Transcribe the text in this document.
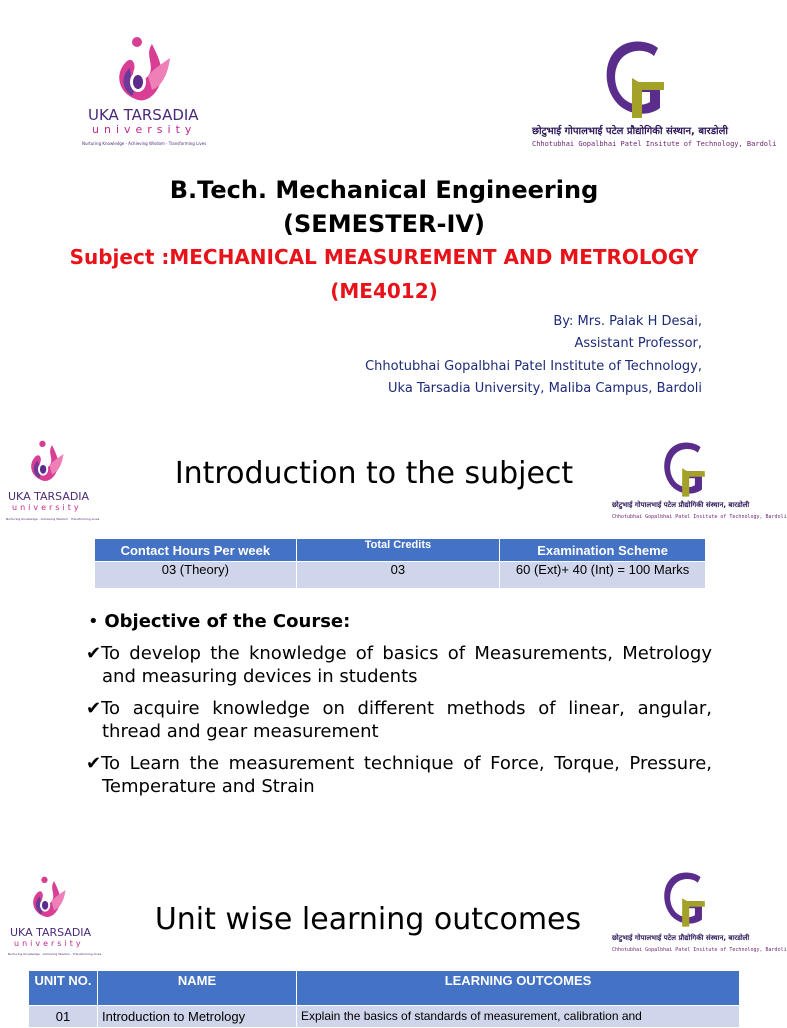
UKA TARSADIA
university
Nurturing Knowledge · Achieving Wisdom · Transforming Lives
छोटुभाई गोपालभाई पटेल प्रौद्योगिकी संस्थान, बारडोली
Chhotubhai Gopalbhai Patel Insitute of Technology, Bardoli
B.Tech. Mechanical Engineering
(SEMESTER-IV)
Subject :MECHANICAL MEASUREMENT AND METROLOGY
(ME4012)
By: Mrs. Palak H Desai,
Assistant Professor,
Chhotubhai Gopalbhai Patel Institute of Technology,
Uka Tarsadia University, Maliba Campus, Bardoli
UKA TARSADIA
university
Nurturing Knowledge · Achieving Wisdom · Transforming Lives
छोटुभाई गोपालभाई पटेल प्रौद्योगिकी संस्थान, बारडोली
Chhotubhai Gopalbhai Patel Insitute of Technology, Bardoli
Introduction to the subject
Contact Hours Per week	Total Credits	Examination Scheme
03 (Theory)	03	60 (Ext)+ 40 (Int) = 100 Marks
• Objective of the Course:
✔To develop the knowledge of basics of Measurements, Metrology and measuring devices in students
✔To acquire knowledge on different methods of linear, angular, thread and gear measurement
✔To Learn the measurement technique of Force, Torque, Pressure, Temperature and Strain
UKA TARSADIA
university
Nurturing Knowledge · Achieving Wisdom · Transforming Lives
छोटुभाई गोपालभाई पटेल प्रौद्योगिकी संस्थान, बारडोली
Chhotubhai Gopalbhai Patel Insitute of Technology, Bardoli
Unit wise learning outcomes
UNIT NO.	NAME	LEARNING OUTCOMES
01	Introduction to Metrology	Explain the basics of standards of measurement, calibration and
